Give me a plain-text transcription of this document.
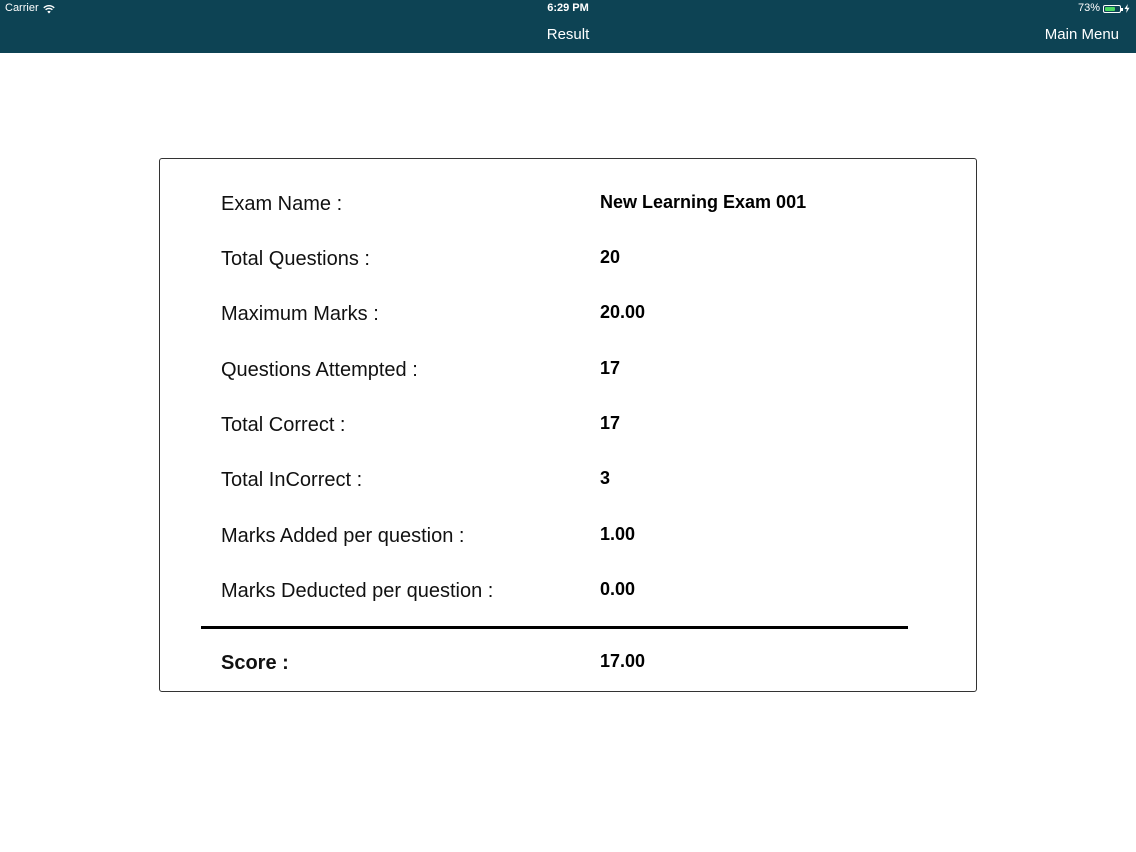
Carrier	6:29 PM	73%
Result	Main Menu
Exam Name :	New Learning Exam 001
Total Questions :	20
Maximum Marks :	20.00
Questions Attempted :	17
Total Correct :	17
Total InCorrect :	3
Marks Added per question :	1.00
Marks Deducted per question :	0.00
Score :	17.00
